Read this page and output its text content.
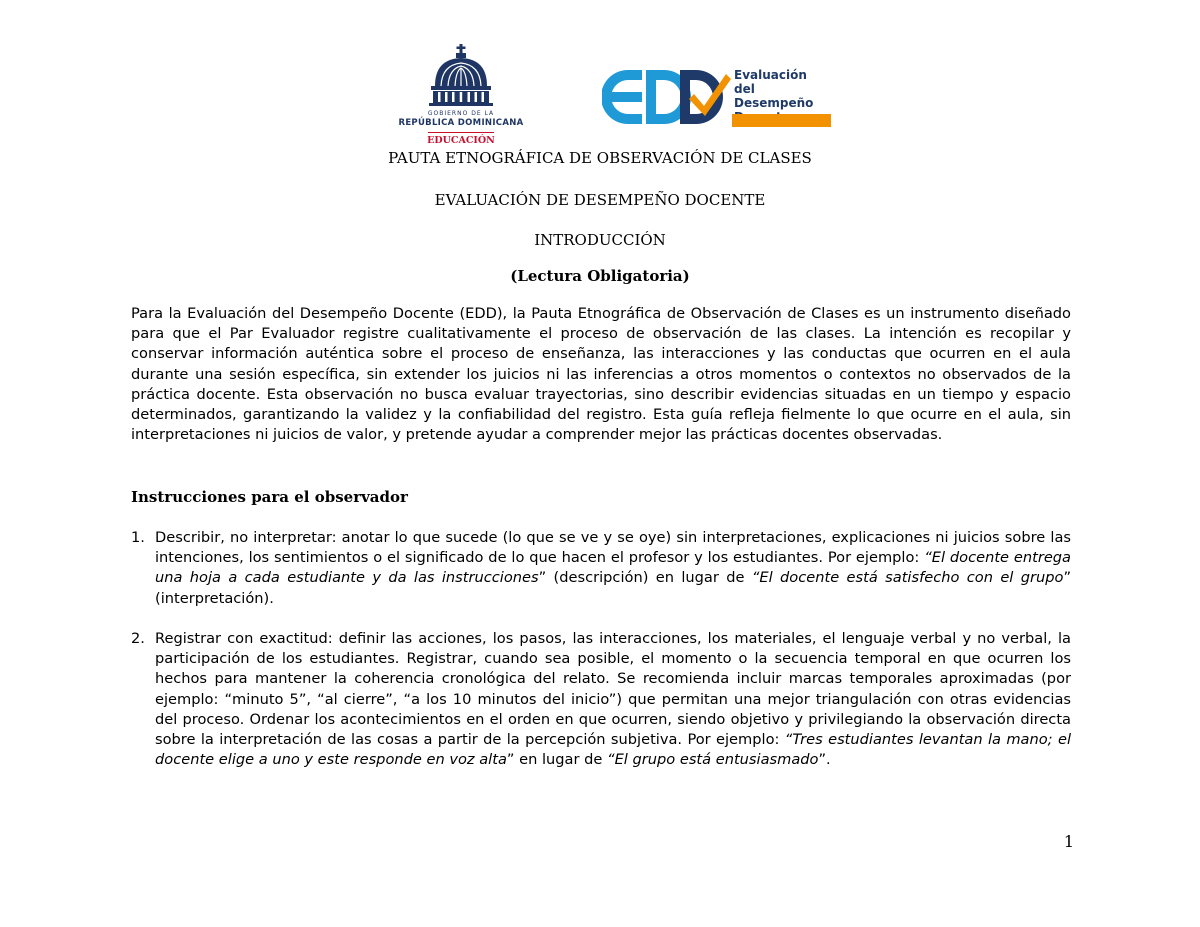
GOBIERNO DE LA
REPÚBLICA DOMINICANA
EDUCACIÓN
Evaluación
del Desempeño
PAUTA ETNOGRÁFICA DE OBSERVACIÓN DE CLASES
EVALUACIÓN DE DESEMPEÑO DOCENTE
INTRODUCCIÓN
(Lectura Obligatoria)

Para la Evaluación del Desempeño Docente (EDD), la Pauta Etnográfica de Observación de Clases es un instrumento diseñado para que el Par Evaluador registre cualitativamente el proceso de observación de las clases. La intención es recopilar y conservar información auténtica sobre el proceso de enseñanza, las interacciones y las conductas que ocurren en el aula durante una sesión específica, sin extender los juicios ni las inferencias a otros momentos o contextos no observados de la práctica docente. Esta observación no busca evaluar trayectorias, sino describir evidencias situadas en un tiempo y espacio determinados, garantizando la validez y la confiabilidad del registro. Esta guía refleja fielmente lo que ocurre en el aula, sin interpretaciones ni juicios de valor, y pretende ayudar a comprender mejor las prácticas docentes observadas.

Instrucciones para el observador
1. Describir, no interpretar: anotar lo que sucede (lo que se ve y se oye) sin interpretaciones, explicaciones ni juicios sobre las intenciones, los sentimientos o el significado de lo que hacen el profesor y los estudiantes. Por ejemplo: “El docente entrega una hoja a cada estudiante y da las instrucciones” (descripción) en lugar de “El docente está satisfecho con el grupo” (interpretación).

2. Registrar con exactitud: definir las acciones, los pasos, las interacciones, los materiales, el lenguaje verbal y no verbal, la participación de los estudiantes. Registrar, cuando sea posible, el momento o la secuencia temporal en que ocurren los hechos para mantener la coherencia cronológica del relato. Se recomienda incluir marcas temporales aproximadas (por ejemplo: “minuto 5”, “al cierre”, “a los 10 minutos del inicio”) que permitan una mejor triangulación con otras evidencias del proceso. Ordenar los acontecimientos en el orden en que ocurren, siendo objetivo y privilegiando la observación directa sobre la interpretación de las cosas a partir de la percepción subjetiva. Por ejemplo: “Tres estudiantes levantan la mano; el docente elige a uno y este responde en voz alta” en lugar de “El grupo está entusiasmado”.

1
